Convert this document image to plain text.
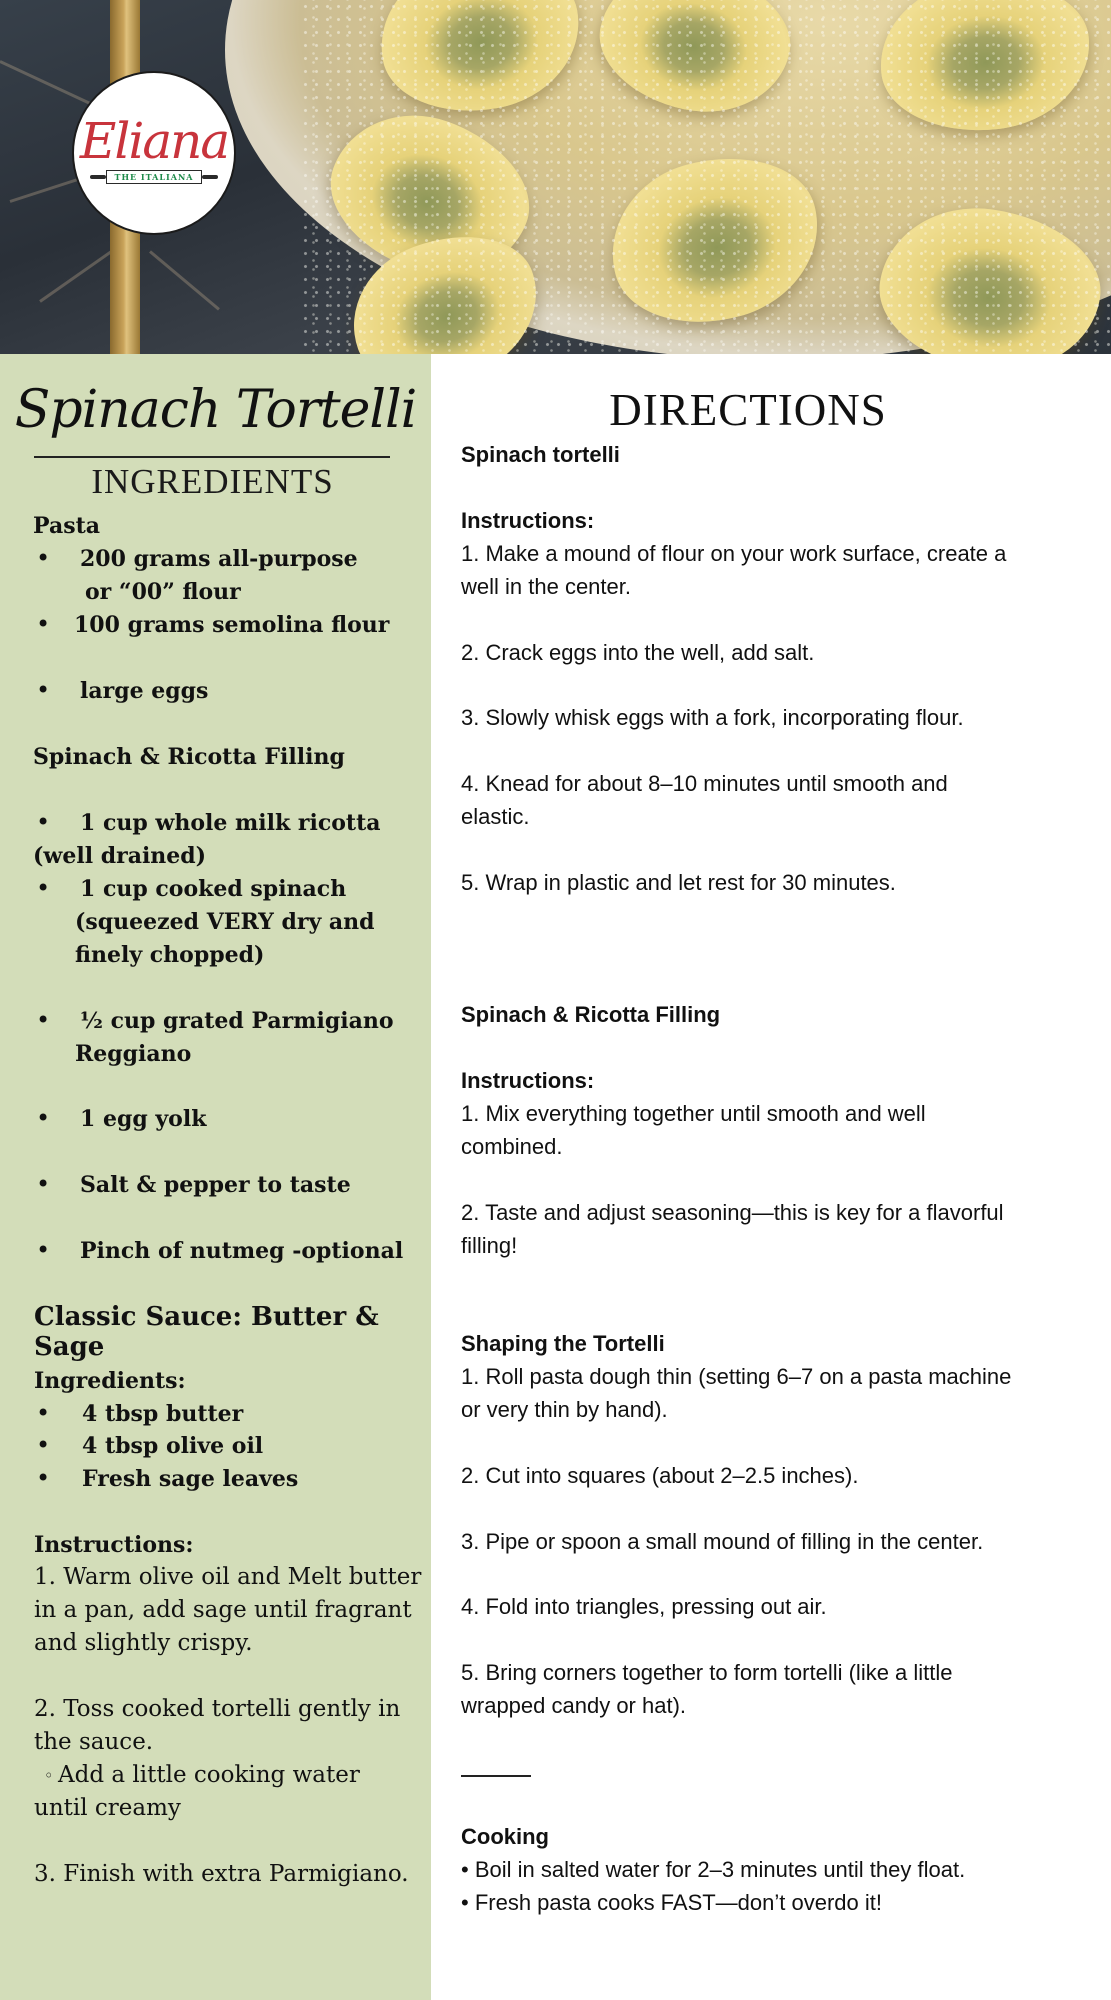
Eliana
THE ITALIANA
Spinach Tortelli
INGREDIENTS
Pasta
• 200 grams all-purpose
or “00” flour
• 100 grams semolina flour
• large eggs
Spinach & Ricotta Filling
• 1 cup whole milk ricotta
(well drained)
• 1 cup cooked spinach
(squeezed VERY dry and
finely chopped)
• ½ cup grated Parmigiano
Reggiano
• 1 egg yolk
• Salt & pepper to taste
• Pinch of nutmeg -optional
Classic Sauce: Butter & Sage
Ingredients:
• 4 tbsp butter
• 4 tbsp olive oil
• Fresh sage leaves
Instructions:
1. Warm olive oil and Melt butter
in a pan, add sage until fragrant
and slightly crispy.
2. Toss cooked tortelli gently in
the sauce.
◦ Add a little cooking water
until creamy
3. Finish with extra Parmigiano.
DIRECTIONS
Spinach tortelli
Instructions:
1. Make a mound of flour on your work surface, create a
well in the center.
2. Crack eggs into the well, add salt.
3. Slowly whisk eggs with a fork, incorporating flour.
4. Knead for about 8–10 minutes until smooth and
elastic.
5. Wrap in plastic and let rest for 30 minutes.
Spinach & Ricotta Filling
Instructions:
1. Mix everything together until smooth and well
combined.
2. Taste and adjust seasoning—this is key for a flavorful
filling!
Shaping the Tortelli
1. Roll pasta dough thin (setting 6–7 on a pasta machine
or very thin by hand).
2. Cut into squares (about 2–2.5 inches).
3. Pipe or spoon a small mound of filling in the center.
4. Fold into triangles, pressing out air.
5. Bring corners together to form tortelli (like a little
wrapped candy or hat).
Cooking
• Boil in salted water for 2–3 minutes until they float.
• Fresh pasta cooks FAST—don’t overdo it!
